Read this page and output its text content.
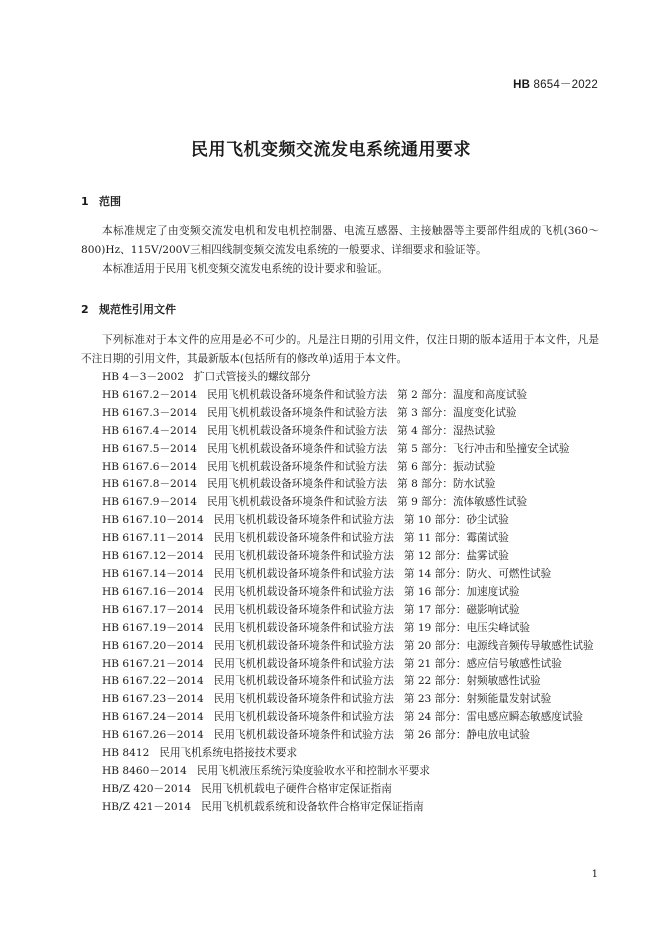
HB 8654－2022
民用飞机变频交流发电系统通用要求
1 范围
本标准规定了由变频交流发电机和发电机控制器、电流互感器、主接触器等主要部件组成的飞机(360～800)Hz、115V/200V三相四线制变频交流发电系统的一般要求、详细要求和验证等。
本标准适用于民用飞机变频交流发电系统的设计要求和验证。
2 规范性引用文件
下列标准对于本文件的应用是必不可少的。凡是注日期的引用文件，仅注日期的版本适用于本文件，凡是不注日期的引用文件，其最新版本(包括所有的修改单)适用于本文件。
HB 4－3－2002 扩口式管接头的螺纹部分
HB 6167.2－2014 民用飞机机载设备环境条件和试验方法 第 2 部分：温度和高度试验
HB 6167.3－2014 民用飞机机载设备环境条件和试验方法 第 3 部分：温度变化试验
HB 6167.4－2014 民用飞机机载设备环境条件和试验方法 第 4 部分：湿热试验
HB 6167.5－2014 民用飞机机载设备环境条件和试验方法 第 5 部分：飞行冲击和坠撞安全试验
HB 6167.6－2014 民用飞机机载设备环境条件和试验方法 第 6 部分：振动试验
HB 6167.8－2014 民用飞机机载设备环境条件和试验方法 第 8 部分：防水试验
HB 6167.9－2014 民用飞机机载设备环境条件和试验方法 第 9 部分：流体敏感性试验
HB 6167.10－2014 民用飞机机载设备环境条件和试验方法 第 10 部分：砂尘试验
HB 6167.11－2014 民用飞机机载设备环境条件和试验方法 第 11 部分：霉菌试验
HB 6167.12－2014 民用飞机机载设备环境条件和试验方法 第 12 部分：盐雾试验
HB 6167.14－2014 民用飞机机载设备环境条件和试验方法 第 14 部分：防火、可燃性试验
HB 6167.16－2014 民用飞机机载设备环境条件和试验方法 第 16 部分：加速度试验
HB 6167.17－2014 民用飞机机载设备环境条件和试验方法 第 17 部分：磁影响试验
HB 6167.19－2014 民用飞机机载设备环境条件和试验方法 第 19 部分：电压尖峰试验
HB 6167.20－2014 民用飞机机载设备环境条件和试验方法 第 20 部分：电源线音频传导敏感性试验
HB 6167.21－2014 民用飞机机载设备环境条件和试验方法 第 21 部分：感应信号敏感性试验
HB 6167.22－2014 民用飞机机载设备环境条件和试验方法 第 22 部分：射频敏感性试验
HB 6167.23－2014 民用飞机机载设备环境条件和试验方法 第 23 部分：射频能量发射试验
HB 6167.24－2014 民用飞机机载设备环境条件和试验方法 第 24 部分：雷电感应瞬态敏感度试验
HB 6167.26－2014 民用飞机机载设备环境条件和试验方法 第 26 部分：静电放电试验
HB 8412 民用飞机系统电搭接技术要求
HB 8460－2014 民用飞机液压系统污染度验收水平和控制水平要求
HB/Z 420－2014 民用飞机机载电子硬件合格审定保证指南
HB/Z 421－2014 民用飞机机载系统和设备软件合格审定保证指南
1
